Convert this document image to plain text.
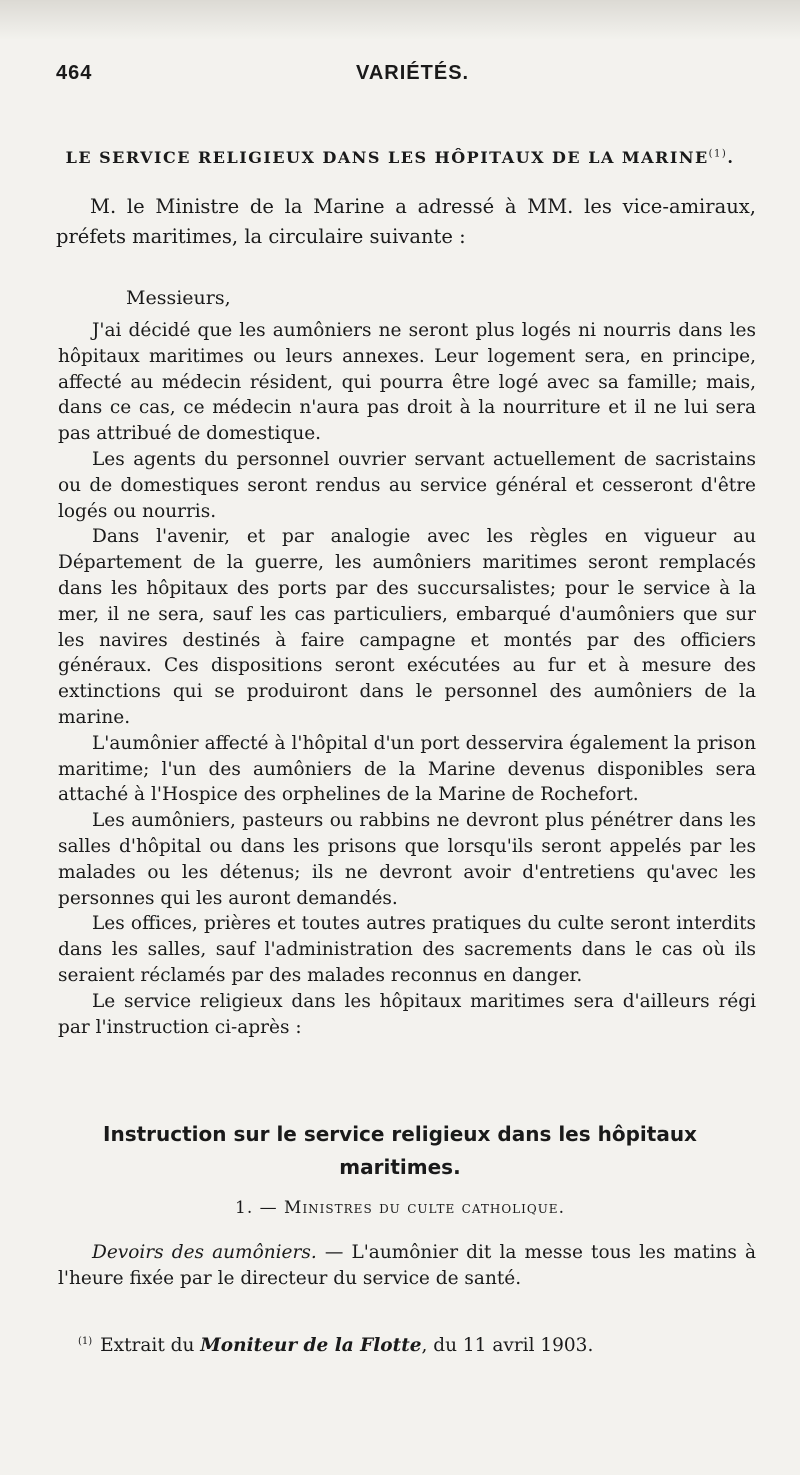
464	VARIÉTÉS.
LE SERVICE RELIGIEUX DANS LES HÔPITAUX DE LA MARINE$^{(1)}$.

M. le Ministre de la Marine a adressé à MM. les vice-amiraux, préfets maritimes, la circulaire suivante :

Messieurs,

J'ai décidé que les aumôniers ne seront plus logés ni nourris dans les hôpitaux maritimes ou leurs annexes. Leur logement sera, en principe, affecté au médecin résident, qui pourra être logé avec sa famille; mais, dans ce cas, ce médecin n'aura pas droit à la nourriture et il ne lui sera pas attribué de domestique.

Les agents du personnel ouvrier servant actuellement de sacristains ou de domestiques seront rendus au service général et cesseront d'être logés ou nourris.

Dans l'avenir, et par analogie avec les règles en vigueur au Département de la guerre, les aumôniers maritimes seront remplacés dans les hôpitaux des ports par des succursalistes; pour le service à la mer, il ne sera, sauf les cas particuliers, embarqué d'aumôniers que sur les navires destinés à faire campagne et montés par des officiers généraux. Ces dispositions seront exécutées au fur et à mesure des extinctions qui se produiront dans le personnel des aumôniers de la marine.

L'aumônier affecté à l'hôpital d'un port desservira également la prison maritime; l'un des aumôniers de la Marine devenus disponibles sera attaché à l'Hospice des orphelines de la Marine de Rochefort.

Les aumôniers, pasteurs ou rabbins ne devront plus pénétrer dans les salles d'hôpital ou dans les prisons que lorsqu'ils seront appelés par les malades ou les détenus; ils ne devront avoir d'entretiens qu'avec les personnes qui les auront demandés.

Les offices, prières et toutes autres pratiques du culte seront interdits dans les salles, sauf l'administration des sacrements dans le cas où ils seraient réclamés par des malades reconnus en danger.

Le service religieux dans les hôpitaux maritimes sera d'ailleurs régi par l'instruction ci-après :

Instruction sur le service religieux dans les hôpitaux maritimes.
1. — Ministres du culte catholique.

Devoirs des aumôniers. — L'aumônier dit la messe tous les matins à l'heure fixée par le directeur du service de santé.

$^{(1)}$ Extrait du Moniteur de la Flotte, du 11 avril 1903.
